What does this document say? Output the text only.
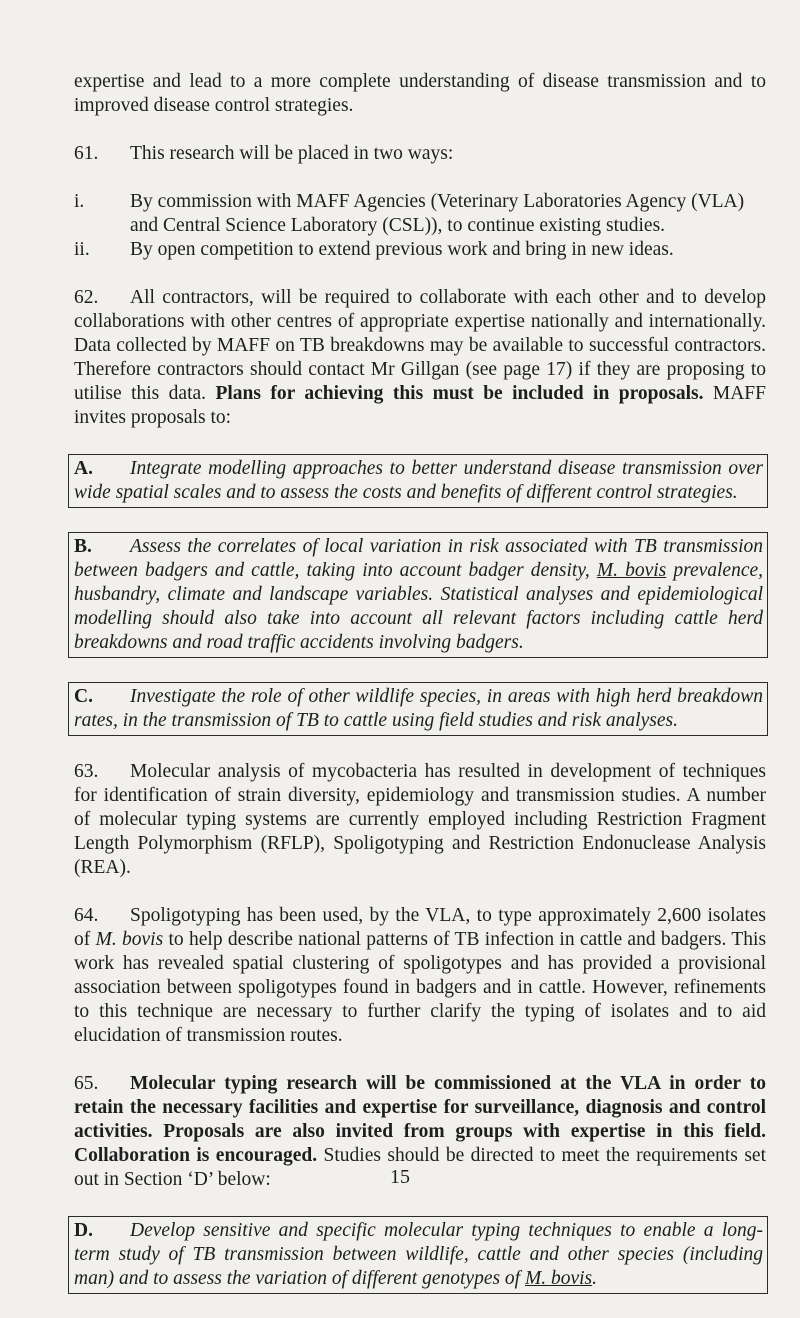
expertise and lead to a more complete understanding of disease transmission and to improved disease control strategies.

61. This research will be placed in two ways:

i.	By commission with MAFF Agencies (Veterinary Laboratories Agency (VLA) and Central Science Laboratory (CSL)), to continue existing studies.
ii.	By open competition to extend previous work and bring in new ideas.

62. All contractors, will be required to collaborate with each other and to develop collaborations with other centres of appropriate expertise nationally and internationally. Data collected by MAFF on TB breakdowns may be available to successful contractors. Therefore contractors should contact Mr Gillgan (see page 17) if they are proposing to utilise this data. Plans for achieving this must be included in proposals. MAFF invites proposals to:

A. Integrate modelling approaches to better understand disease transmission over wide spatial scales and to assess the costs and benefits of different control strategies.
B. Assess the correlates of local variation in risk associated with TB transmission between badgers and cattle, taking into account badger density, M. bovis prevalence, husbandry, climate and landscape variables. Statistical analyses and epidemiological modelling should also take into account all relevant factors including cattle herd breakdowns and road traffic accidents involving badgers.
C. Investigate the role of other wildlife species, in areas with high herd breakdown rates, in the transmission of TB to cattle using field studies and risk analyses.

63. Molecular analysis of mycobacteria has resulted in development of techniques for identification of strain diversity, epidemiology and transmission studies. A number of molecular typing systems are currently employed including Restriction Fragment Length Polymorphism (RFLP), Spoligotyping and Restriction Endonuclease Analysis (REA).

64. Spoligotyping has been used, by the VLA, to type approximately 2,600 isolates of M. bovis to help describe national patterns of TB infection in cattle and badgers. This work has revealed spatial clustering of spoligotypes and has provided a provisional association between spoligotypes found in badgers and in cattle. However, refinements to this technique are necessary to further clarify the typing of isolates and to aid elucidation of transmission routes.

65. Molecular typing research will be commissioned at the VLA in order to retain the necessary facilities and expertise for surveillance, diagnosis and control activities. Proposals are also invited from groups with expertise in this field. Collaboration is encouraged. Studies should be directed to meet the requirements set out in Section ‘D’ below:

D. Develop sensitive and specific molecular typing techniques to enable a long-term study of TB transmission between wildlife, cattle and other species (including man) and to assess the variation of different genotypes of M. bovis.
15
